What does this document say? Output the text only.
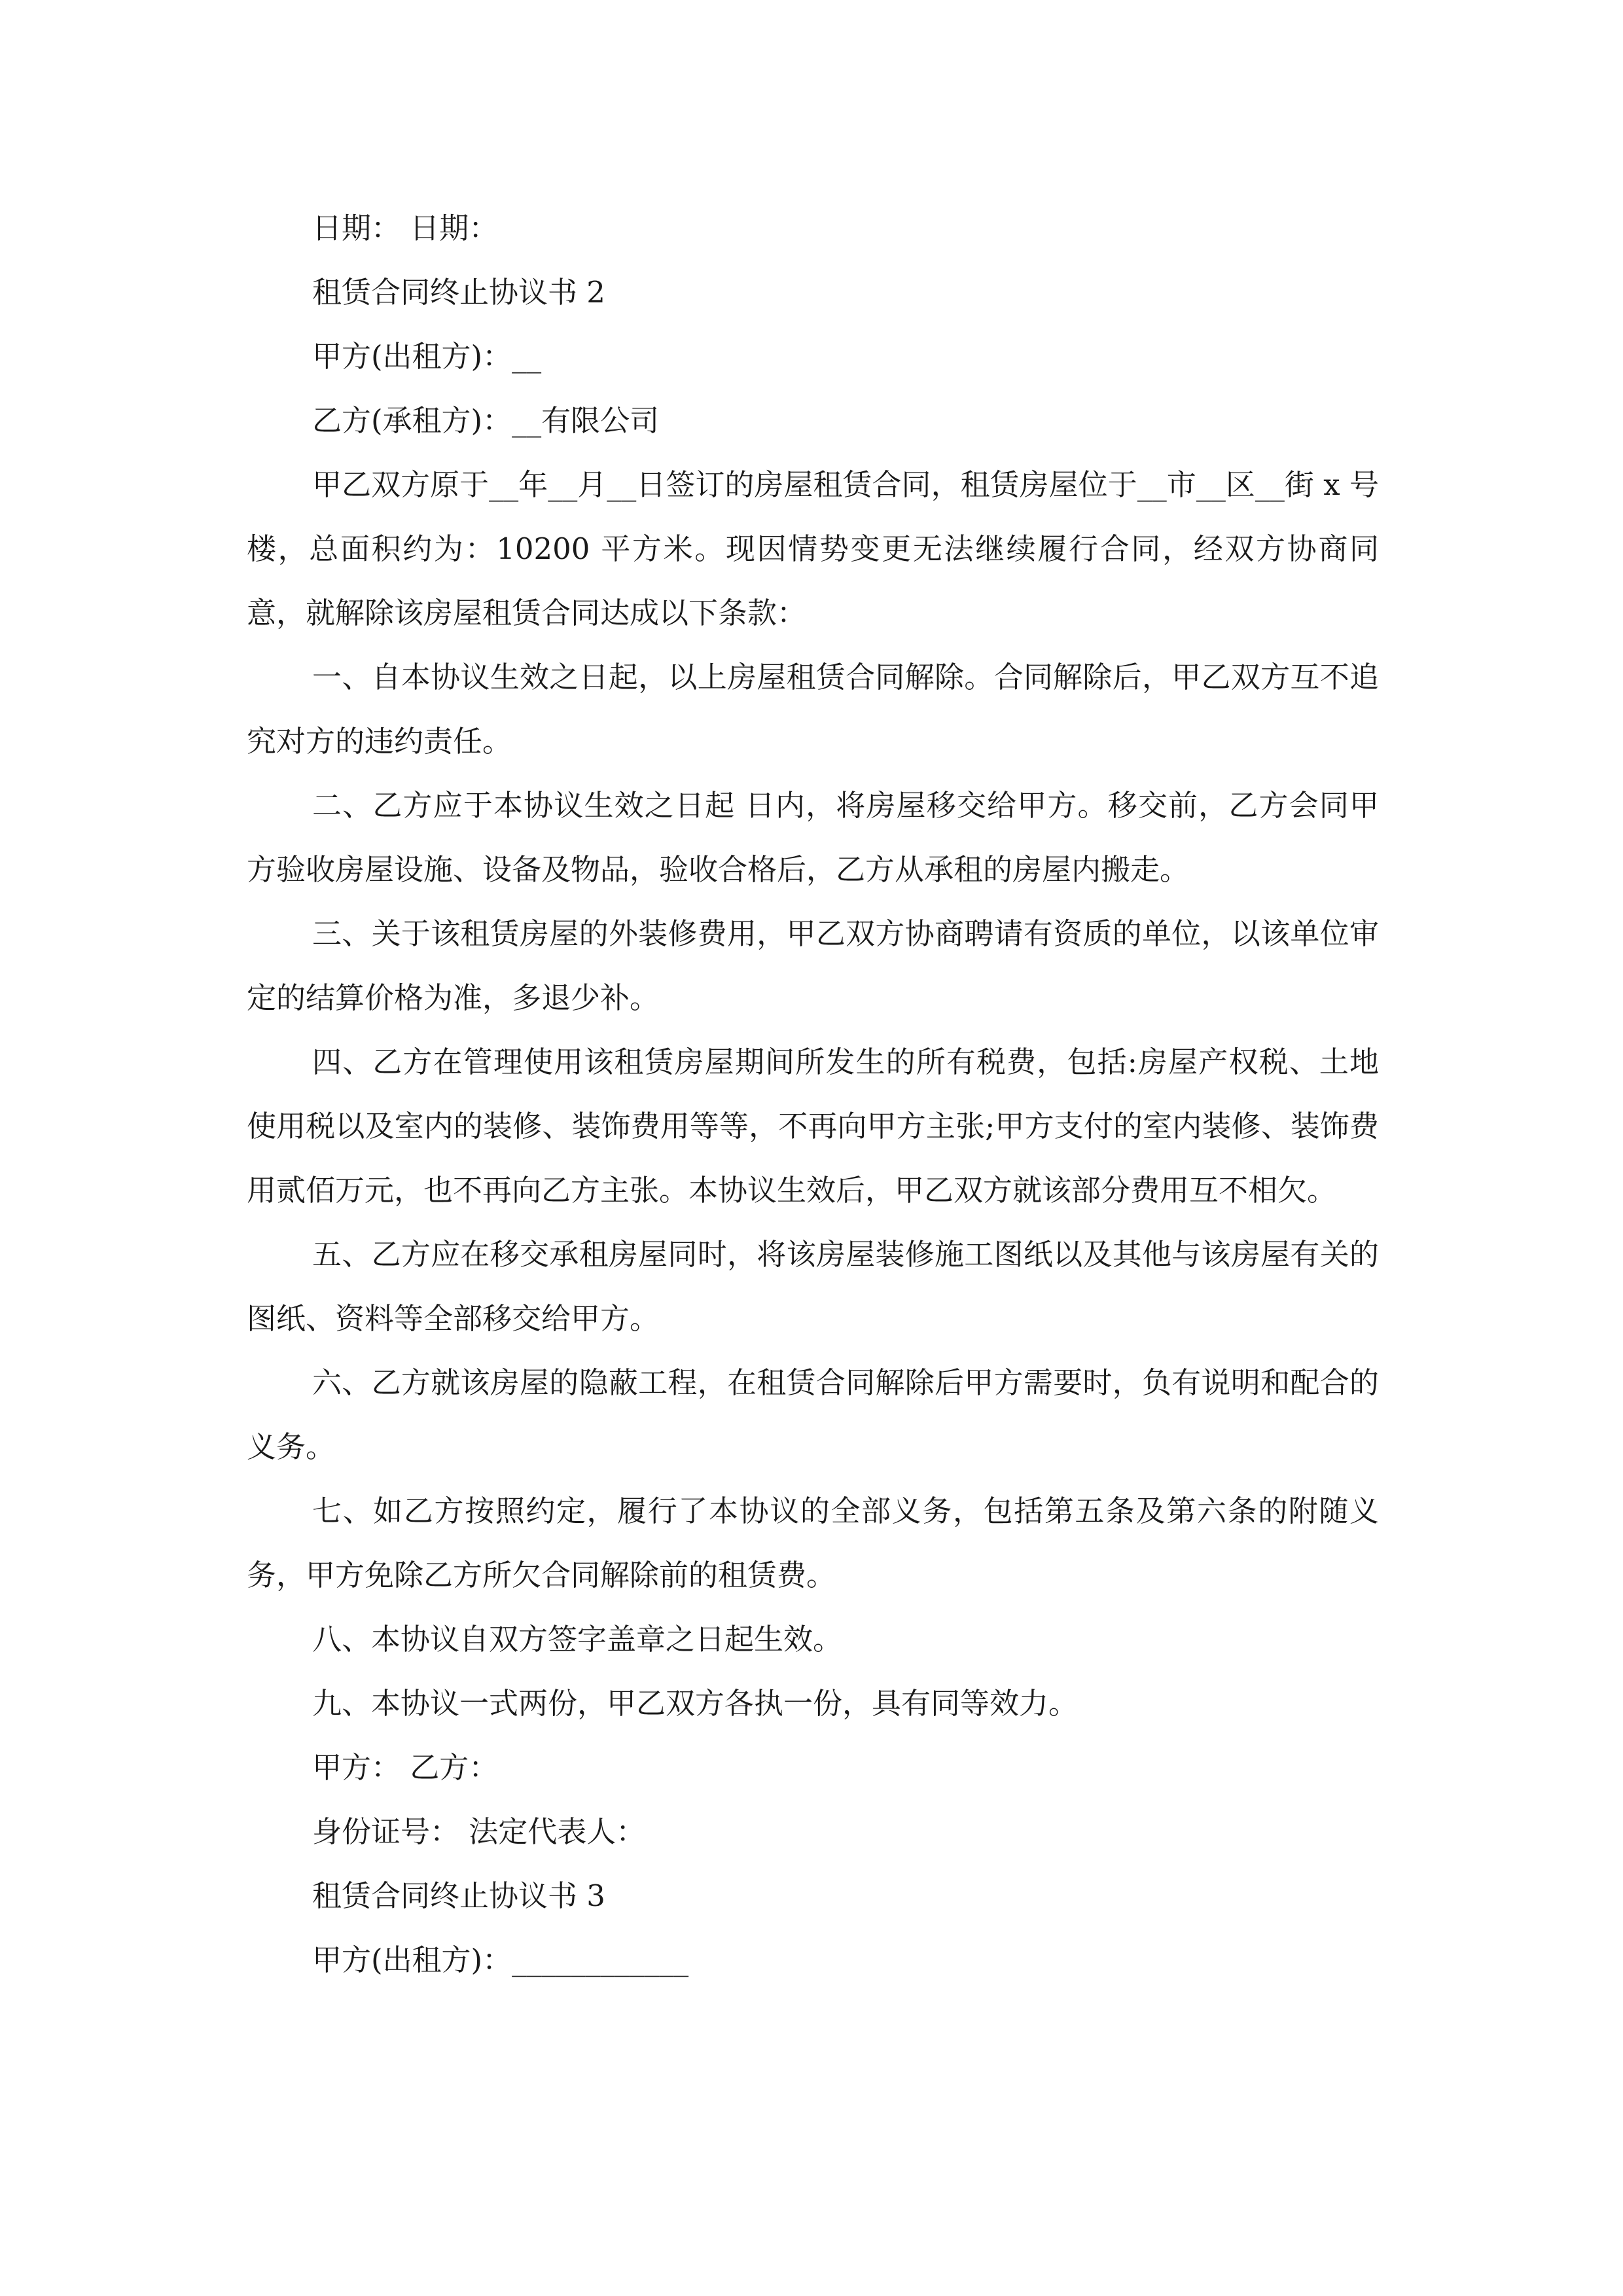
日期： 日期：

租赁合同终止协议书 2

甲方(出租方)：__

乙方(承租方)：__有限公司

甲乙双方原于__年__月__日签订的房屋租赁合同，租赁房屋位于__市__区__街 x 号楼，总面积约为：10200 平方米。现因情势变更无法继续履行合同，经双方协商同意，就解除该房屋租赁合同达成以下条款：

一、自本协议生效之日起，以上房屋租赁合同解除。合同解除后，甲乙双方互不追究对方的违约责任。

二、乙方应于本协议生效之日起 日内，将房屋移交给甲方。移交前，乙方会同甲方验收房屋设施、设备及物品，验收合格后，乙方从承租的房屋内搬走。

三、关于该租赁房屋的外装修费用，甲乙双方协商聘请有资质的单位，以该单位审定的结算价格为准，多退少补。

四、乙方在管理使用该租赁房屋期间所发生的所有税费，包括:房屋产权税、土地使用税以及室内的装修、装饰费用等等，不再向甲方主张;甲方支付的室内装修、装饰费用贰佰万元，也不再向乙方主张。本协议生效后，甲乙双方就该部分费用互不相欠。

五、乙方应在移交承租房屋同时，将该房屋装修施工图纸以及其他与该房屋有关的图纸、资料等全部移交给甲方。

六、乙方就该房屋的隐蔽工程，在租赁合同解除后甲方需要时，负有说明和配合的义务。

七、如乙方按照约定，履行了本协议的全部义务，包括第五条及第六条的附随义务，甲方免除乙方所欠合同解除前的租赁费。

八、本协议自双方签字盖章之日起生效。

九、本协议一式两份，甲乙双方各执一份，具有同等效力。

甲方： 乙方：

身份证号： 法定代表人：

租赁合同终止协议书 3

甲方(出租方)：____________
